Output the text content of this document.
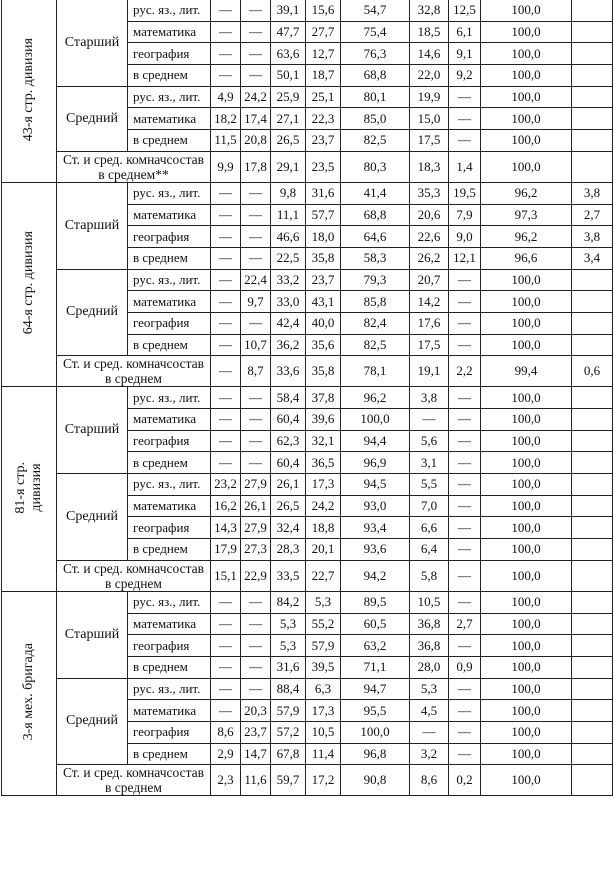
43-я стр. дивизия	Старший	рус. яз., лит.	—	—	39,1	15,6	54,7	32,8	12,5	100,0	
		математика	—	—	47,7	27,7	75,4	18,5	6,1	100,0	
		география	—	—	63,6	12,7	76,3	14,6	9,1	100,0	
		в среднем	—	—	50,1	18,7	68,8	22,0	9,2	100,0	
	Средний	рус. яз., лит.	4,9	24,2	25,9	25,1	80,1	19,9	—	100,0	
		математика	18,2	17,4	27,1	22,3	85,0	15,0	—	100,0	
		в среднем	11,5	20,8	26,5	23,7	82,5	17,5	—	100,0	
	Ст. и сред. комначсостав
в среднем**		9,9	17,8	29,1	23,5	80,3	18,3	1,4	100,0	
64-я стр. дивизия	Старший	рус. яз., лит.	—	—	9,8	31,6	41,4	35,3	19,5	96,2	3,8
		математика	—	—	11,1	57,7	68,8	20,6	7,9	97,3	2,7
		география	—	—	46,6	18,0	64,6	22,6	9,0	96,2	3,8
		в среднем	—	—	22,5	35,8	58,3	26,2	12,1	96,6	3,4
	Средний	рус. яз., лит.	—	22,4	33,2	23,7	79,3	20,7	—	100,0	
		математика	—	9,7	33,0	43,1	85,8	14,2	—	100,0	
		география	—	—	42,4	40,0	82,4	17,6	—	100,0	
		в среднем	—	10,7	36,2	35,6	82,5	17,5	—	100,0	
	Ст. и сред. комначсостав
в среднем		—	8,7	33,6	35,8	78,1	19,1	2,2	99,4	0,6
81-я стр.
дивизия	Старший	рус. яз., лит.	—	—	58,4	37,8	96,2	3,8	—	100,0	
		математика	—	—	60,4	39,6	100,0	—	—	100,0	
		география	—	—	62,3	32,1	94,4	5,6	—	100,0	
		в среднем	—	—	60,4	36,5	96,9	3,1	—	100,0	
	Средний	рус. яз., лит.	23,2	27,9	26,1	17,3	94,5	5,5	—	100,0	
		математика	16,2	26,1	26,5	24,2	93,0	7,0	—	100,0	
		география	14,3	27,9	32,4	18,8	93,4	6,6	—	100,0	
		в среднем	17,9	27,3	28,3	20,1	93,6	6,4	—	100,0	
	Ст. и сред. комначсостав
в среднем		15,1	22,9	33,5	22,7	94,2	5,8	—	100,0	
3-я мех. бригада	Старший	рус. яз., лит.	—	—	84,2	5,3	89,5	10,5	—	100,0	
		математика	—	—	5,3	55,2	60,5	36,8	2,7	100,0	
		география	—	—	5,3	57,9	63,2	36,8	—	100,0	
		в среднем	—	—	31,6	39,5	71,1	28,0	0,9	100,0	
	Средний	рус. яз., лит.	—	—	88,4	6,3	94,7	5,3	—	100,0	
		математика	—	20,3	57,9	17,3	95,5	4,5	—	100,0	
		география	8,6	23,7	57,2	10,5	100,0	—	—	100,0	
		в среднем	2,9	14,7	67,8	11,4	96,8	3,2	—	100,0	
	Ст. и сред. комначсостав
в среднем		2,3	11,6	59,7	17,2	90,8	8,6	0,2	100,0	
